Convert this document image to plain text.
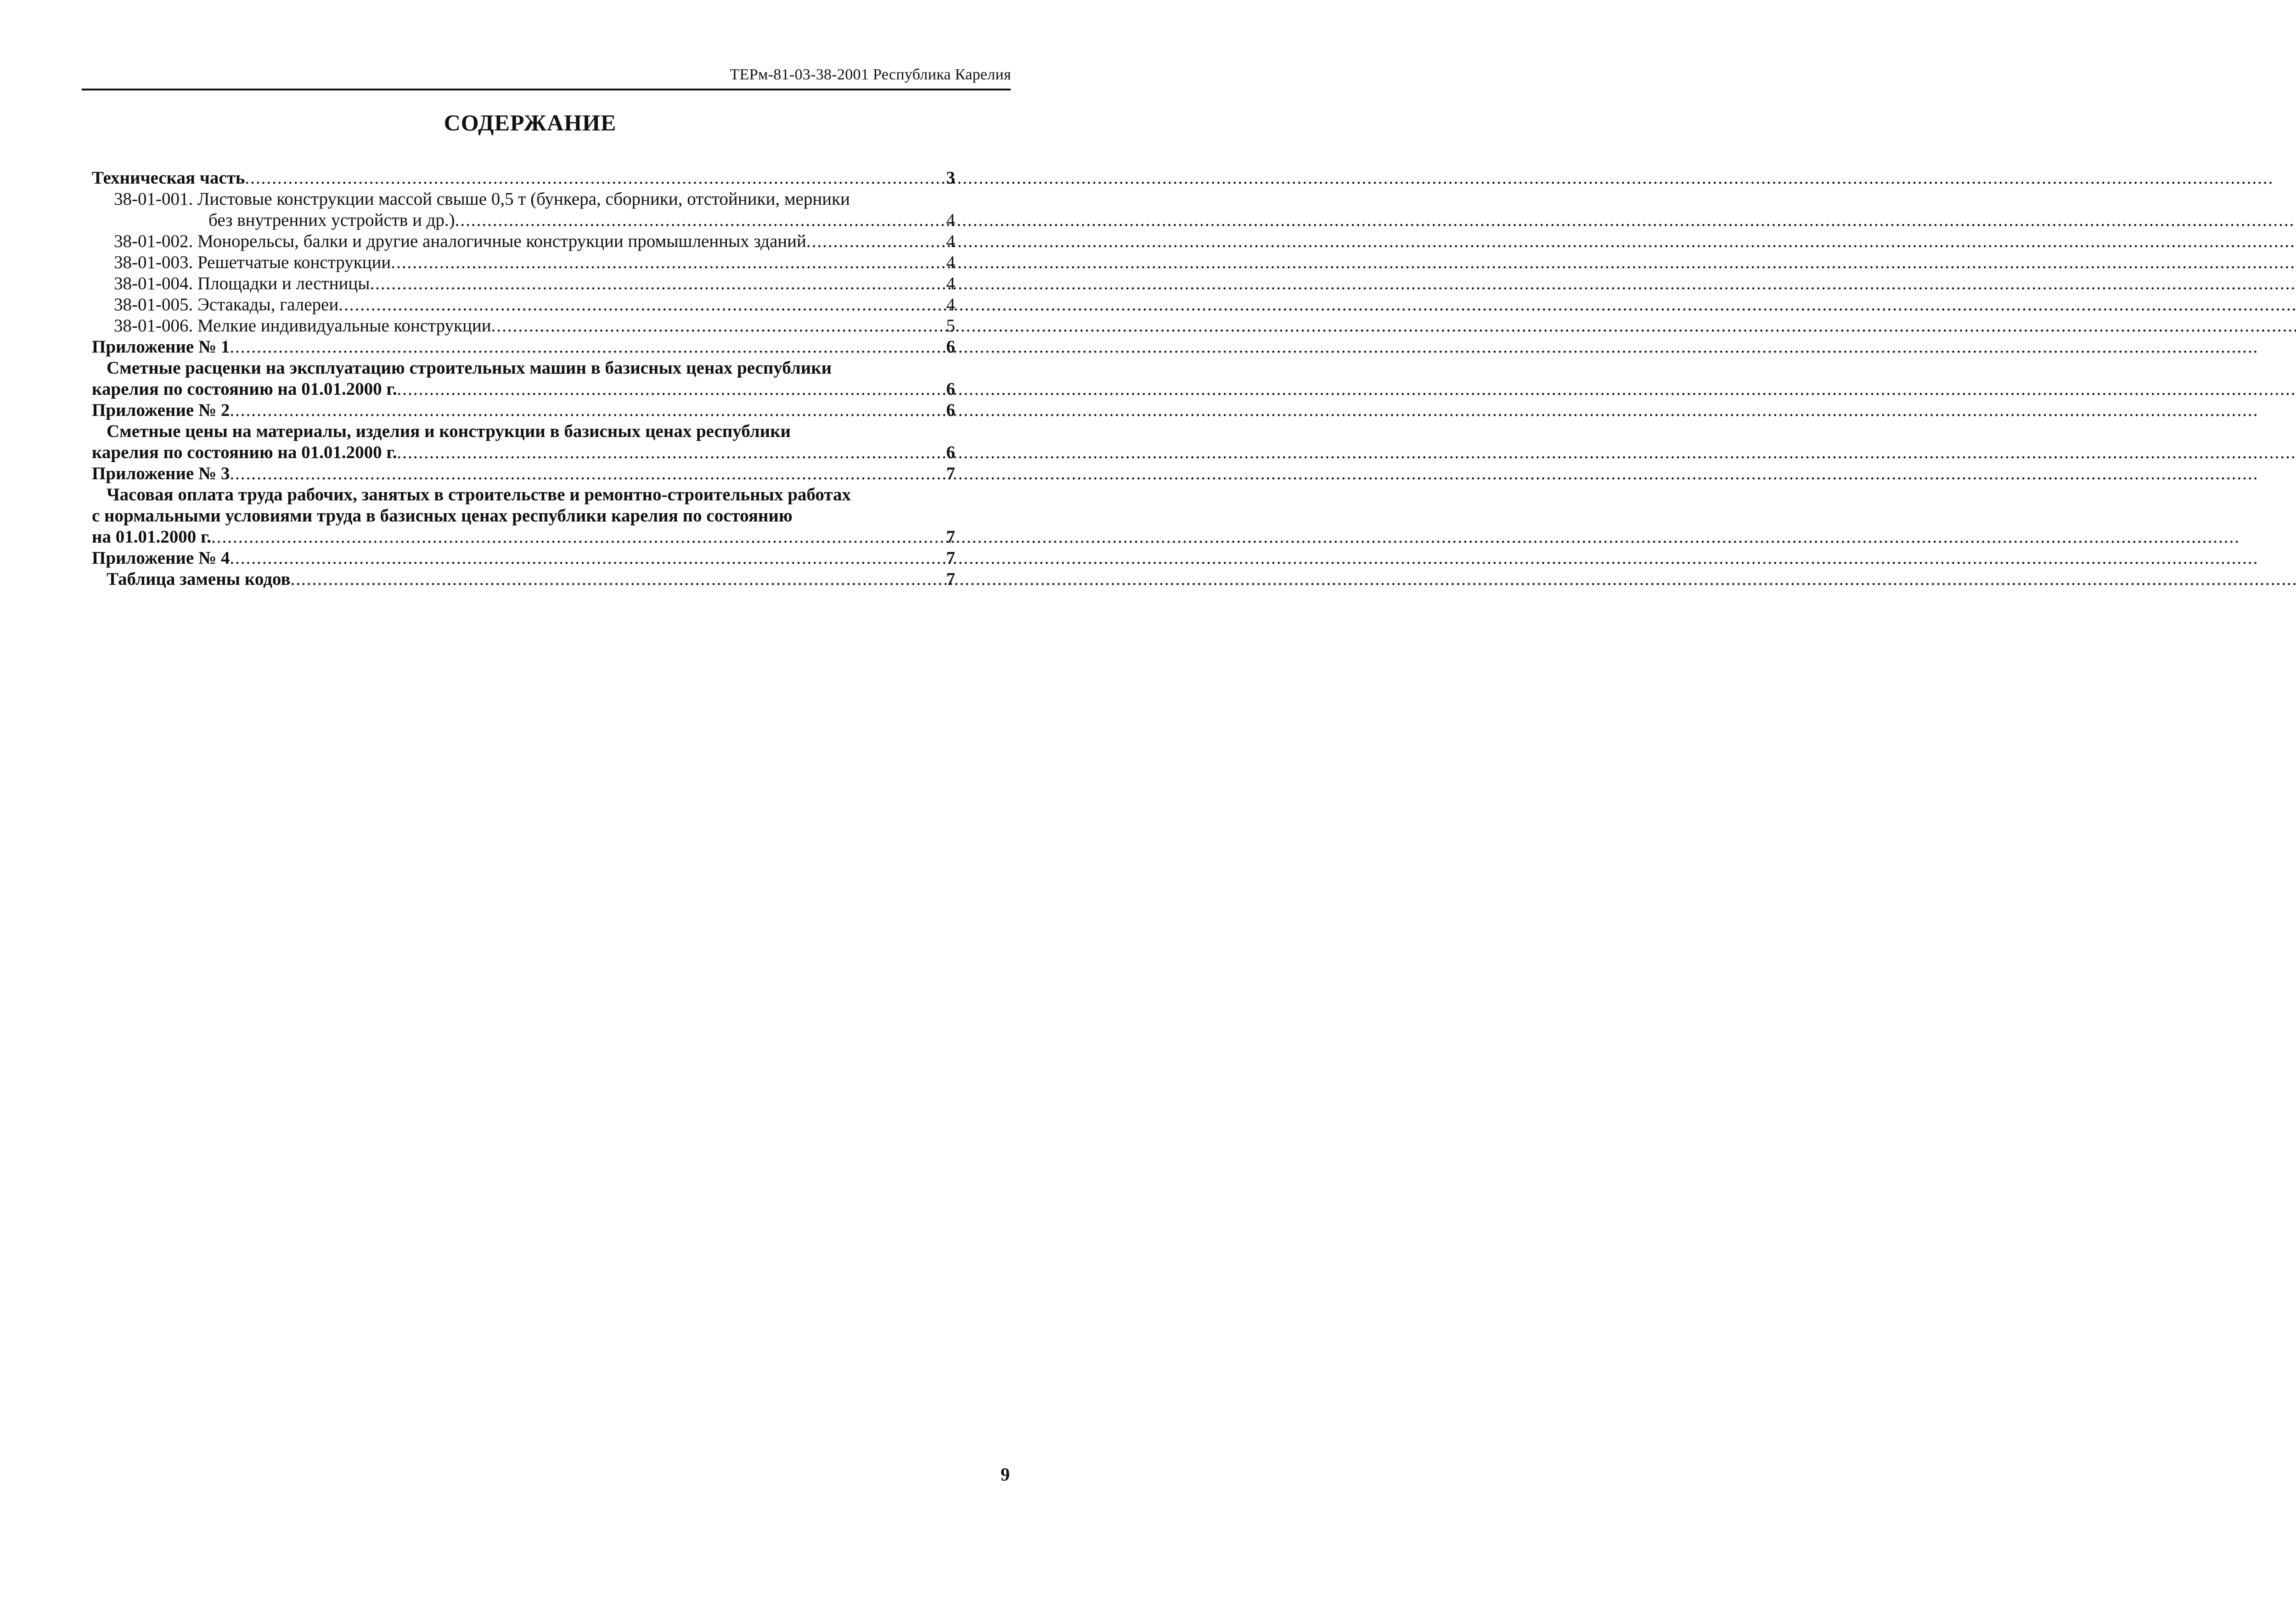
ТЕРм-81-03-38-2001 Республика Карелия
СОДЕРЖАНИЕ
Техническая часть .....	3
38-01-001.
Листовые конструкции массой свыше 0,5 т (бункера, сборники, отстойники, мерники
без внутренних устройств и др.) .....	4
38-01-002. Монорельсы, балки и другие аналогичные конструкции промышленных зданий .....	4
38-01-003. Решетчатые конструкции .....	4
38-01-004. Площадки и лестницы .....	4
38-01-005. Эстакады, галереи .....	4
38-01-006. Мелкие индивидуальные конструкции .....	5
Приложение № 1 .....	6
Сметные расценки на эксплуатацию строительных машин в базисных ценах республики
карелия по состоянию на 01.01.2000 г. .....	6
Приложение № 2 .....	6
Сметные цены на материалы, изделия и конструкции в базисных ценах республики
карелия по состоянию на 01.01.2000 г. .....	6
Приложение № 3 .....	7
Часовая оплата труда рабочих, занятых в строительстве и ремонтно-строительных работах
с нормальными условиями труда в базисных ценах республики карелия по состоянию
на 01.01.2000 г. .....	7
Приложение № 4 .....	7
Таблица замены кодов .....	7
9
